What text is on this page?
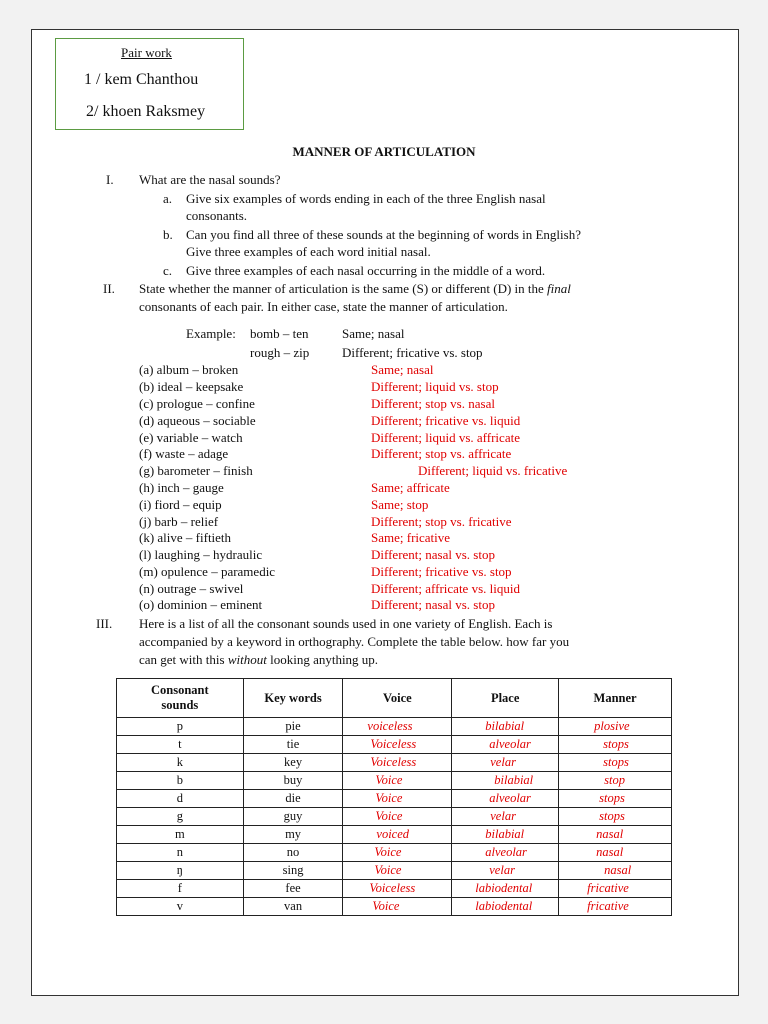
Pair work
1 / kem Chanthou
2/ khoen Raksmey
MANNER OF ARTICULATION
I. What are the nasal sounds?
a. Give six examples of words ending in each of the three English nasal
consonants.
b. Can you find all three of these sounds at the beginning of words in English?
Give three examples of each word initial nasal.
c. Give three examples of each nasal occurring in the middle of a word.
II. State whether the manner of articulation is the same (S) or different (D) in the final
consonants of each pair. In either case, state the manner of articulation.
Example: bomb – ten	Same; nasal
rough – zip	Different; fricative vs. stop
(a) album – broken	Same; nasal
(b) ideal – keepsake	Different; liquid vs. stop
(c) prologue – confine	Different; stop vs. nasal
(d) aqueous – sociable	Different; fricative vs. liquid
(e) variable – watch	Different; liquid vs. affricate
(f) waste – adage	Different; stop vs. affricate
(g) barometer – finish	Different; liquid vs. fricative
(h) inch – gauge	Same; affricate
(i) fiord – equip	Same; stop
(j) barb – relief	Different; stop vs. fricative
(k) alive – fiftieth	Same; fricative
(l) laughing – hydraulic	Different; nasal vs. stop
(m) opulence – paramedic	Different; fricative vs. stop
(n) outrage – swivel	Different; affricate vs. liquid
(o) dominion – eminent	Different; nasal vs. stop
III. Here is a list of all the consonant sounds used in one variety of English. Each is
accompanied by a keyword in orthography. Complete the table below. how far you
can get with this without looking anything up.
Consonant
sounds	Key words	Voice	Place	Manner
p	pie	voiceless	bilabial	plosive
t	tie	Voiceless	alveolar	stops
k	key	Voiceless	velar	stops
b	buy	Voice	bilabial	stop
d	die	Voice	alveolar	stops
g	guy	Voice	velar	stops
m	my	voiced	bilabial	nasal
n	no	Voice	alveolar	nasal
ŋ	sing	Voice	velar	nasal
f	fee	Voiceless	labiodental	fricative
v	van	Voice	labiodental	fricative
